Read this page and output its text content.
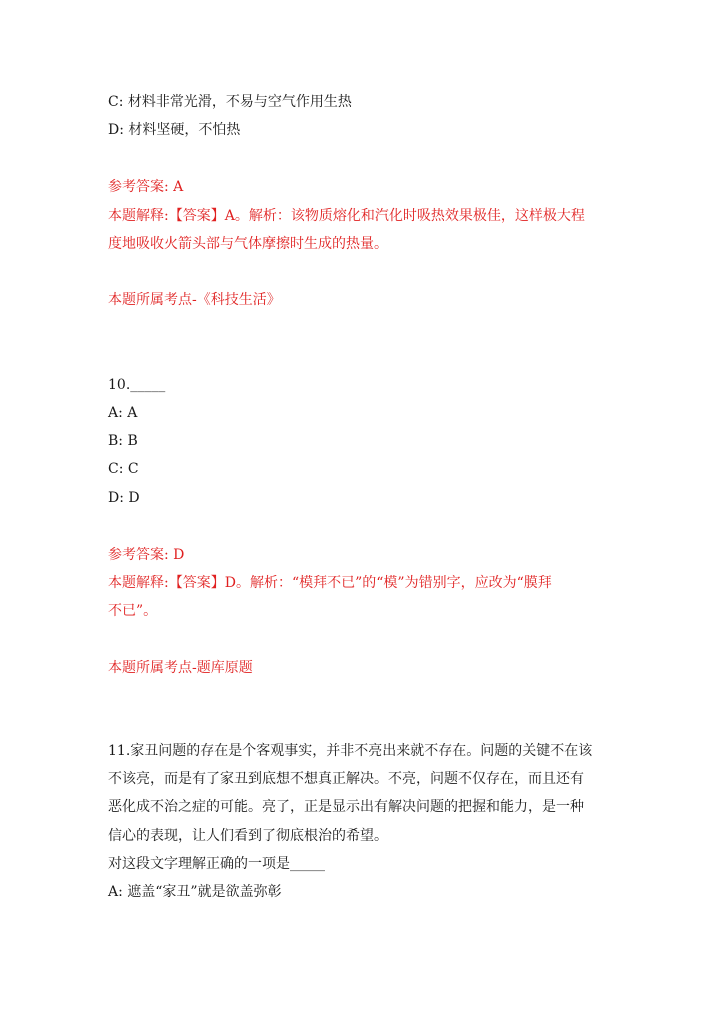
C: 材料非常光滑，不易与空气作用生热
D: 材料坚硬，不怕热
参考答案: A
本题解释:【答案】A。解析：该物质熔化和汽化时吸热效果极佳，这样极大程
度地吸收火箭头部与气体摩擦时生成的热量。
本题所属考点-《科技生活》
10._____
A: A
B: B
C: C
D: D
参考答案: D
本题解释:【答案】D。解析：“模拜不已”的“模”为错别字，应改为“膜拜
不已”。
本题所属考点-题库原题
11.家丑问题的存在是个客观事实，并非不亮出来就不存在。问题的关键不在该
不该亮，而是有了家丑到底想不想真正解决。不亮，问题不仅存在，而且还有
恶化成不治之症的可能。亮了，正是显示出有解决问题的把握和能力，是一种
信心的表现，让人们看到了彻底根治的希望。
对这段文字理解正确的一项是_____
A: 遮盖“家丑”就是欲盖弥彰
